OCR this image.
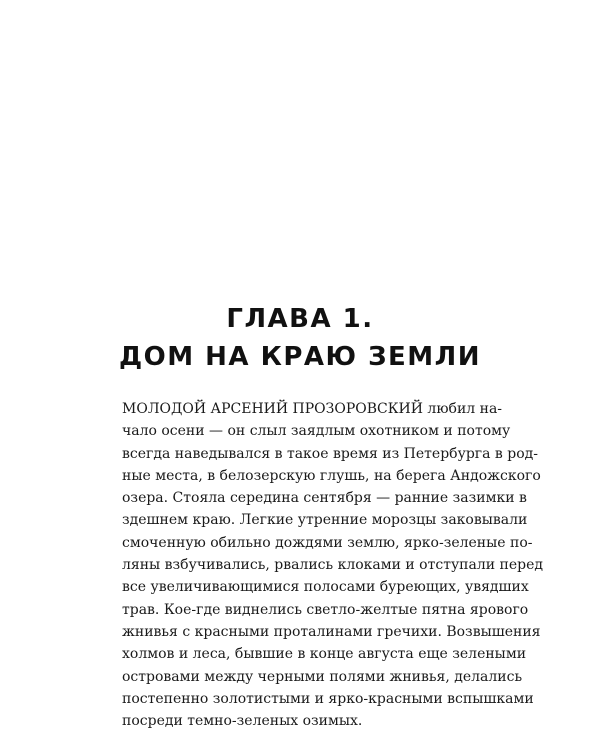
ГЛАВА 1.
ДОМ НА КРАЮ ЗЕМЛИ
МОЛОДОЙ АРСЕНИЙ ПРОЗОРОВСКИЙ любил на-
чало осени — он слыл заядлым охотником и потому
всегда наведывался в такое время из Петербурга в род-
ные места, в белозерскую глушь, на берега Андожского
озера. Стояла середина сентября — ранние зазимки в
здешнем краю. Легкие утренние морозцы заковывали
смоченную обильно дождями землю, ярко-зеленые по-
ляны взбучивались, рвались клоками и отступали перед
все увеличивающимися полосами буреющих, увядших
трав. Кое-где виднелись светло-желтые пятна ярового
жнивья с красными проталинами гречихи. Возвышения
холмов и леса, бывшие в конце августа еще зелеными
островами между черными полями жнивья, делались
постепенно золотистыми и ярко-красными вспышками
посреди темно-зеленых озимых.
